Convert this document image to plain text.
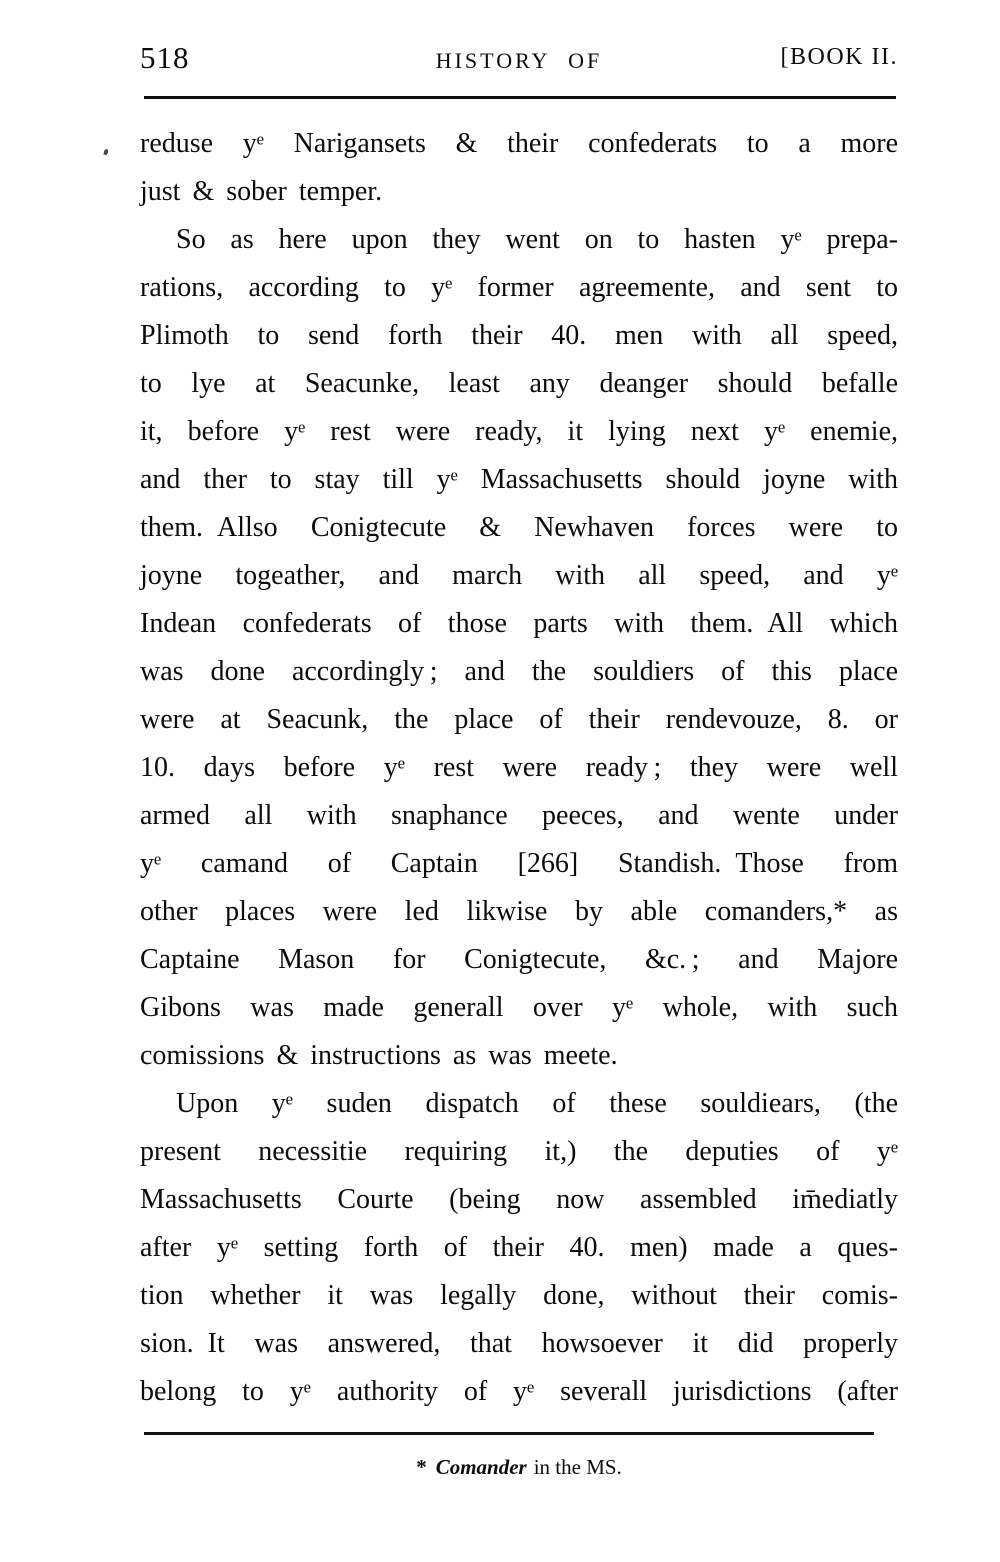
518	HISTORY OF	[BOOK II.
reduse yᵉ Narigansets & their confederats to a more
just & sober temper.
So as here upon they went on to hasten yᵉ prepa-
rations, according to yᵉ former agreemente, and sent to
Plimoth to send forth their 40. men with all speed,
to lye at Seacunke, least any deanger should befalle
it, before yᵉ rest were ready, it lying next yᵉ enemie,
and ther to stay till yᵉ Massachusetts should joyne with
them. Allso Conigtecute & Newhaven forces were to
joyne togeather, and march with all speed, and yᵉ
Indean confederats of those parts with them. All which
was done accordingly ; and the souldiers of this place
were at Seacunk, the place of their rendevouze, 8. or
10. days before yᵉ rest were ready ; they were well
armed all with snaphance peeces, and wente under
yᵉ camand of Captain [266] Standish. Those from
other places were led likwise by able comanders,* as
Captaine Mason for Conigtecute, &c. ; and Majore
Gibons was made generall over yᵉ whole, with such
comissions & instructions as was meete.
Upon yᵉ suden dispatch of these souldiears, (the
present necessitie requiring it,) the deputies of yᵉ
Massachusetts Courte (being now assembled im̄ediatly
after yᵉ setting forth of their 40. men) made a ques-
tion whether it was legally done, without their comis-
sion. It was answered, that howsoever it did properly
belong to yᵉ authority of yᵉ severall jurisdictions (after
* Comander in the MS.
